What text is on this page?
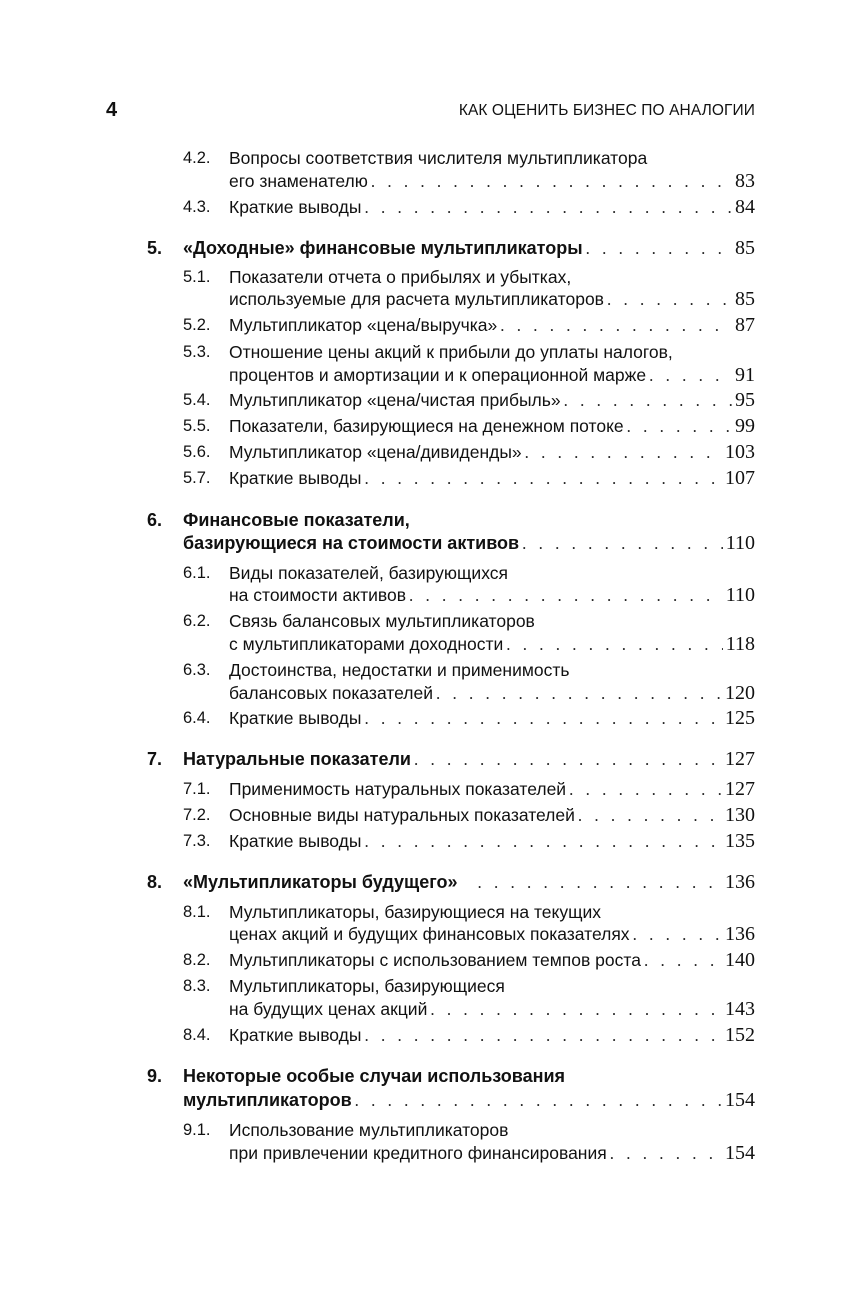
4	КАК ОЦЕНИТЬ БИЗНЕС ПО АНАЛОГИИ
4.2. Вопросы соответствия числителя мультипликатора
его знаменателю . . .	83
4.3. Краткие выводы . . .	84
5. «Доходные» финансовые мультипликаторы . . .	85
5.1. Показатели отчета о прибылях и убытках,
используемые для расчета мультипликаторов . . .	85
5.2. Мультипликатор «цена/выручка» . . .	87
5.3. Отношение цены акций к прибыли до уплаты налогов,
процентов и амортизации и к операционной марже . . .	91
5.4. Мультипликатор «цена/чистая прибыль» . . .	95
5.5. Показатели, базирующиеся на денежном потоке . . .	99
5.6. Мультипликатор «цена/дивиденды» . . .	103
5.7. Краткие выводы . . .	107
6. Финансовые показатели,
базирующиеся на стоимости активов . . .	110
6.1. Виды показателей, базирующихся
на стоимости активов . . .	110
6.2. Связь балансовых мультипликаторов
с мультипликаторами доходности . . .	118
6.3. Достоинства, недостатки и применимость
балансовых показателей . . .	120
6.4. Краткие выводы . . .	125
7. Натуральные показатели . . .	127
7.1. Применимость натуральных показателей . . .	127
7.2. Основные виды натуральных показателей . . .	130
7.3. Краткие выводы . . .	135
8. «Мультипликаторы будущего» . . .	136
8.1. Мультипликаторы, базирующиеся на текущих
ценах акций и будущих финансовых показателях . . .	136
8.2. Мультипликаторы с использованием темпов роста . . .	140
8.3. Мультипликаторы, базирующиеся
на будущих ценах акций . . .	143
8.4. Краткие выводы . . .	152
9. Некоторые особые случаи использования
мультипликаторов . . .	154
9.1. Использование мультипликаторов
при привлечении кредитного финансирования . . .	154
